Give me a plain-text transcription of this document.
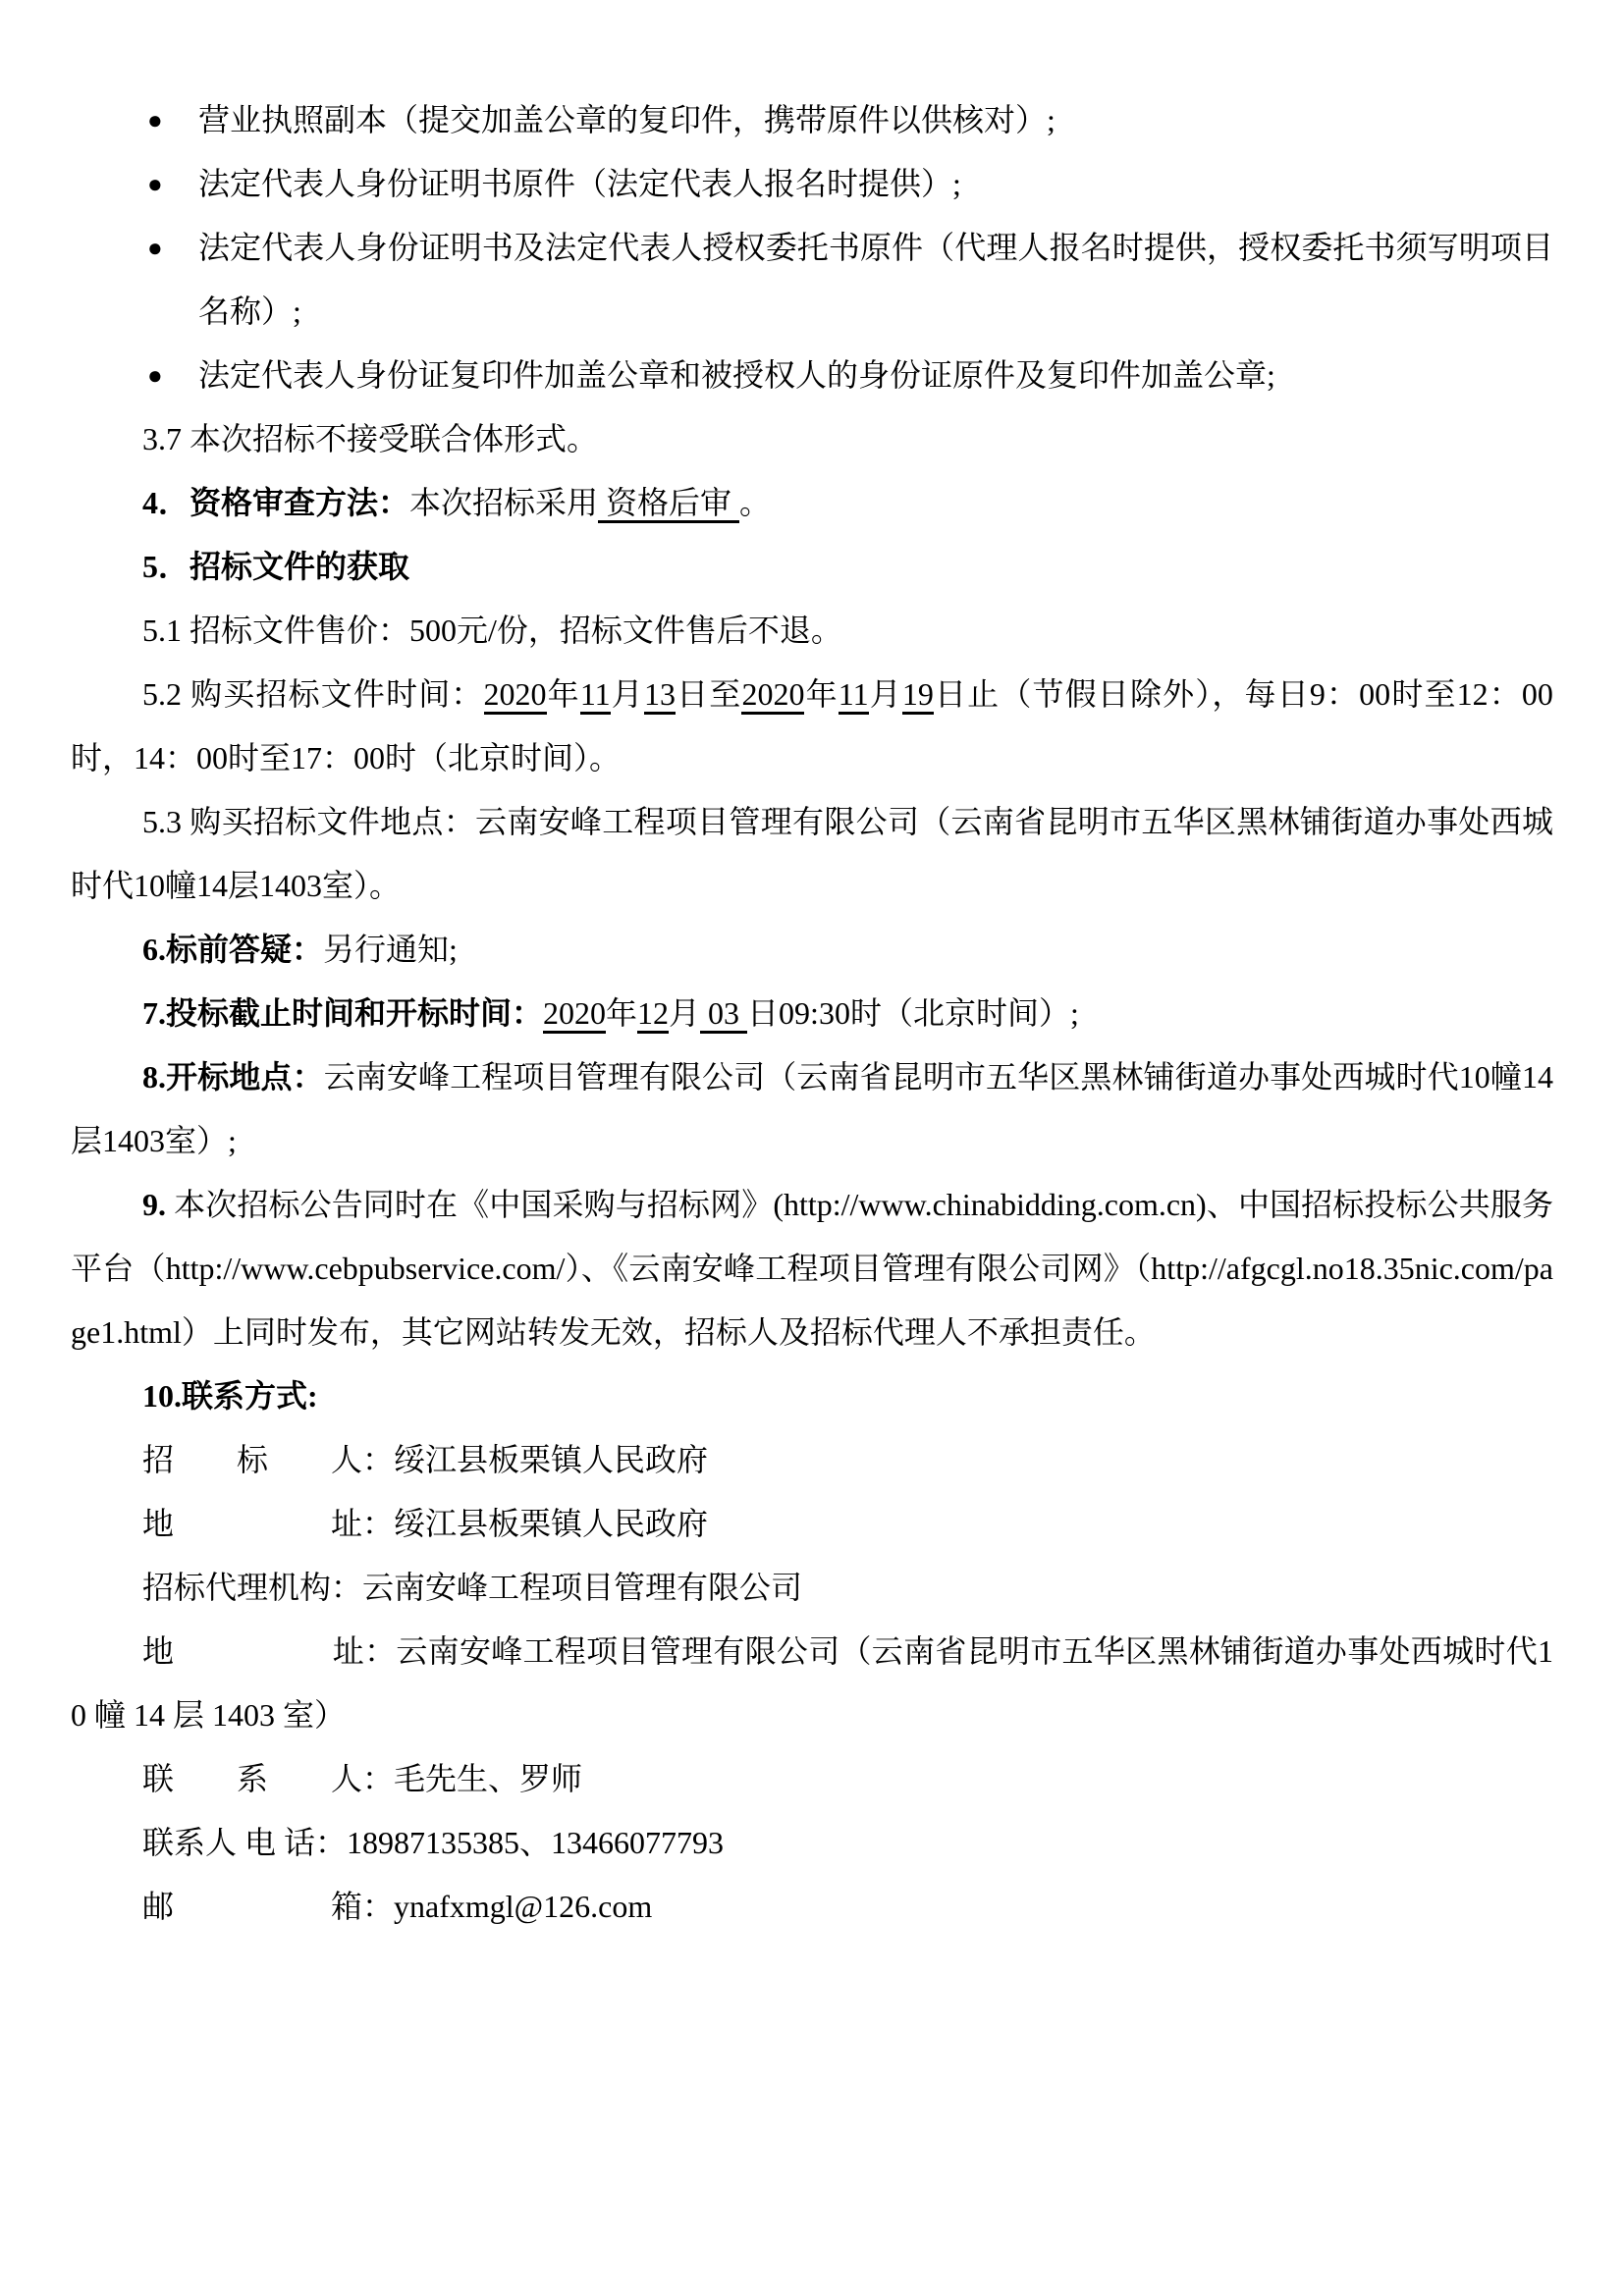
● 营业执照副本（提交加盖公章的复印件，携带原件以供核对）;

● 法定代表人身份证明书原件（法定代表人报名时提供）;

● 法定代表人身份证明书及法定代表人授权委托书原件（代理人报名时提供，授权委托书须写明项目名称）;

● 法定代表人身份证复印件加盖公章和被授权人的身份证原件及复印件加盖公章;

3.7 本次招标不接受联合体形式。

4．资格审查方法：本次招标采用 资格后审 。

5．招标文件的获取

5.1 招标文件售价：500元/份，招标文件售后不退。

5.2 购买招标文件时间：2020年11月13日至2020年11月19日止（节假日除外），每日9：00时至12：00时，14：00时至17：00时（北京时间）。

5.3 购买招标文件地点：云南安峰工程项目管理有限公司（云南省昆明市五华区黑林铺街道办事处西城时代10幢14层1403室）。

6.标前答疑：另行通知;

7.投标截止时间和开标时间：2020年12月 03 日09:30时（北京时间）;

8.开标地点：云南安峰工程项目管理有限公司（云南省昆明市五华区黑林铺街道办事处西城时代10幢14层1403室）;

9. 本次招标公告同时在《中国采购与招标网》(http://www.chinabidding.com.cn)、中国招标投标公共服务平台（http://www.cebpubservice.com/）、《云南安峰工程项目管理有限公司网》（http://afgcgl.no18.35nic.com/page1.html）上同时发布，其它网站转发无效，招标人及招标代理人不承担责任。

10.联系方式:

招　　标　　人：绥江县板栗镇人民政府

地　　　　　址：绥江县板栗镇人民政府

招标代理机构：云南安峰工程项目管理有限公司

地　　　　　址：云南安峰工程项目管理有限公司（云南省昆明市五华区黑林铺街道办事处西城时代10 幢 14 层 1403 室）

联　　系　　人：毛先生、罗师

联系人 电 话：18987135385、13466077793

邮　　　　　箱：ynafxmgl@126.com
